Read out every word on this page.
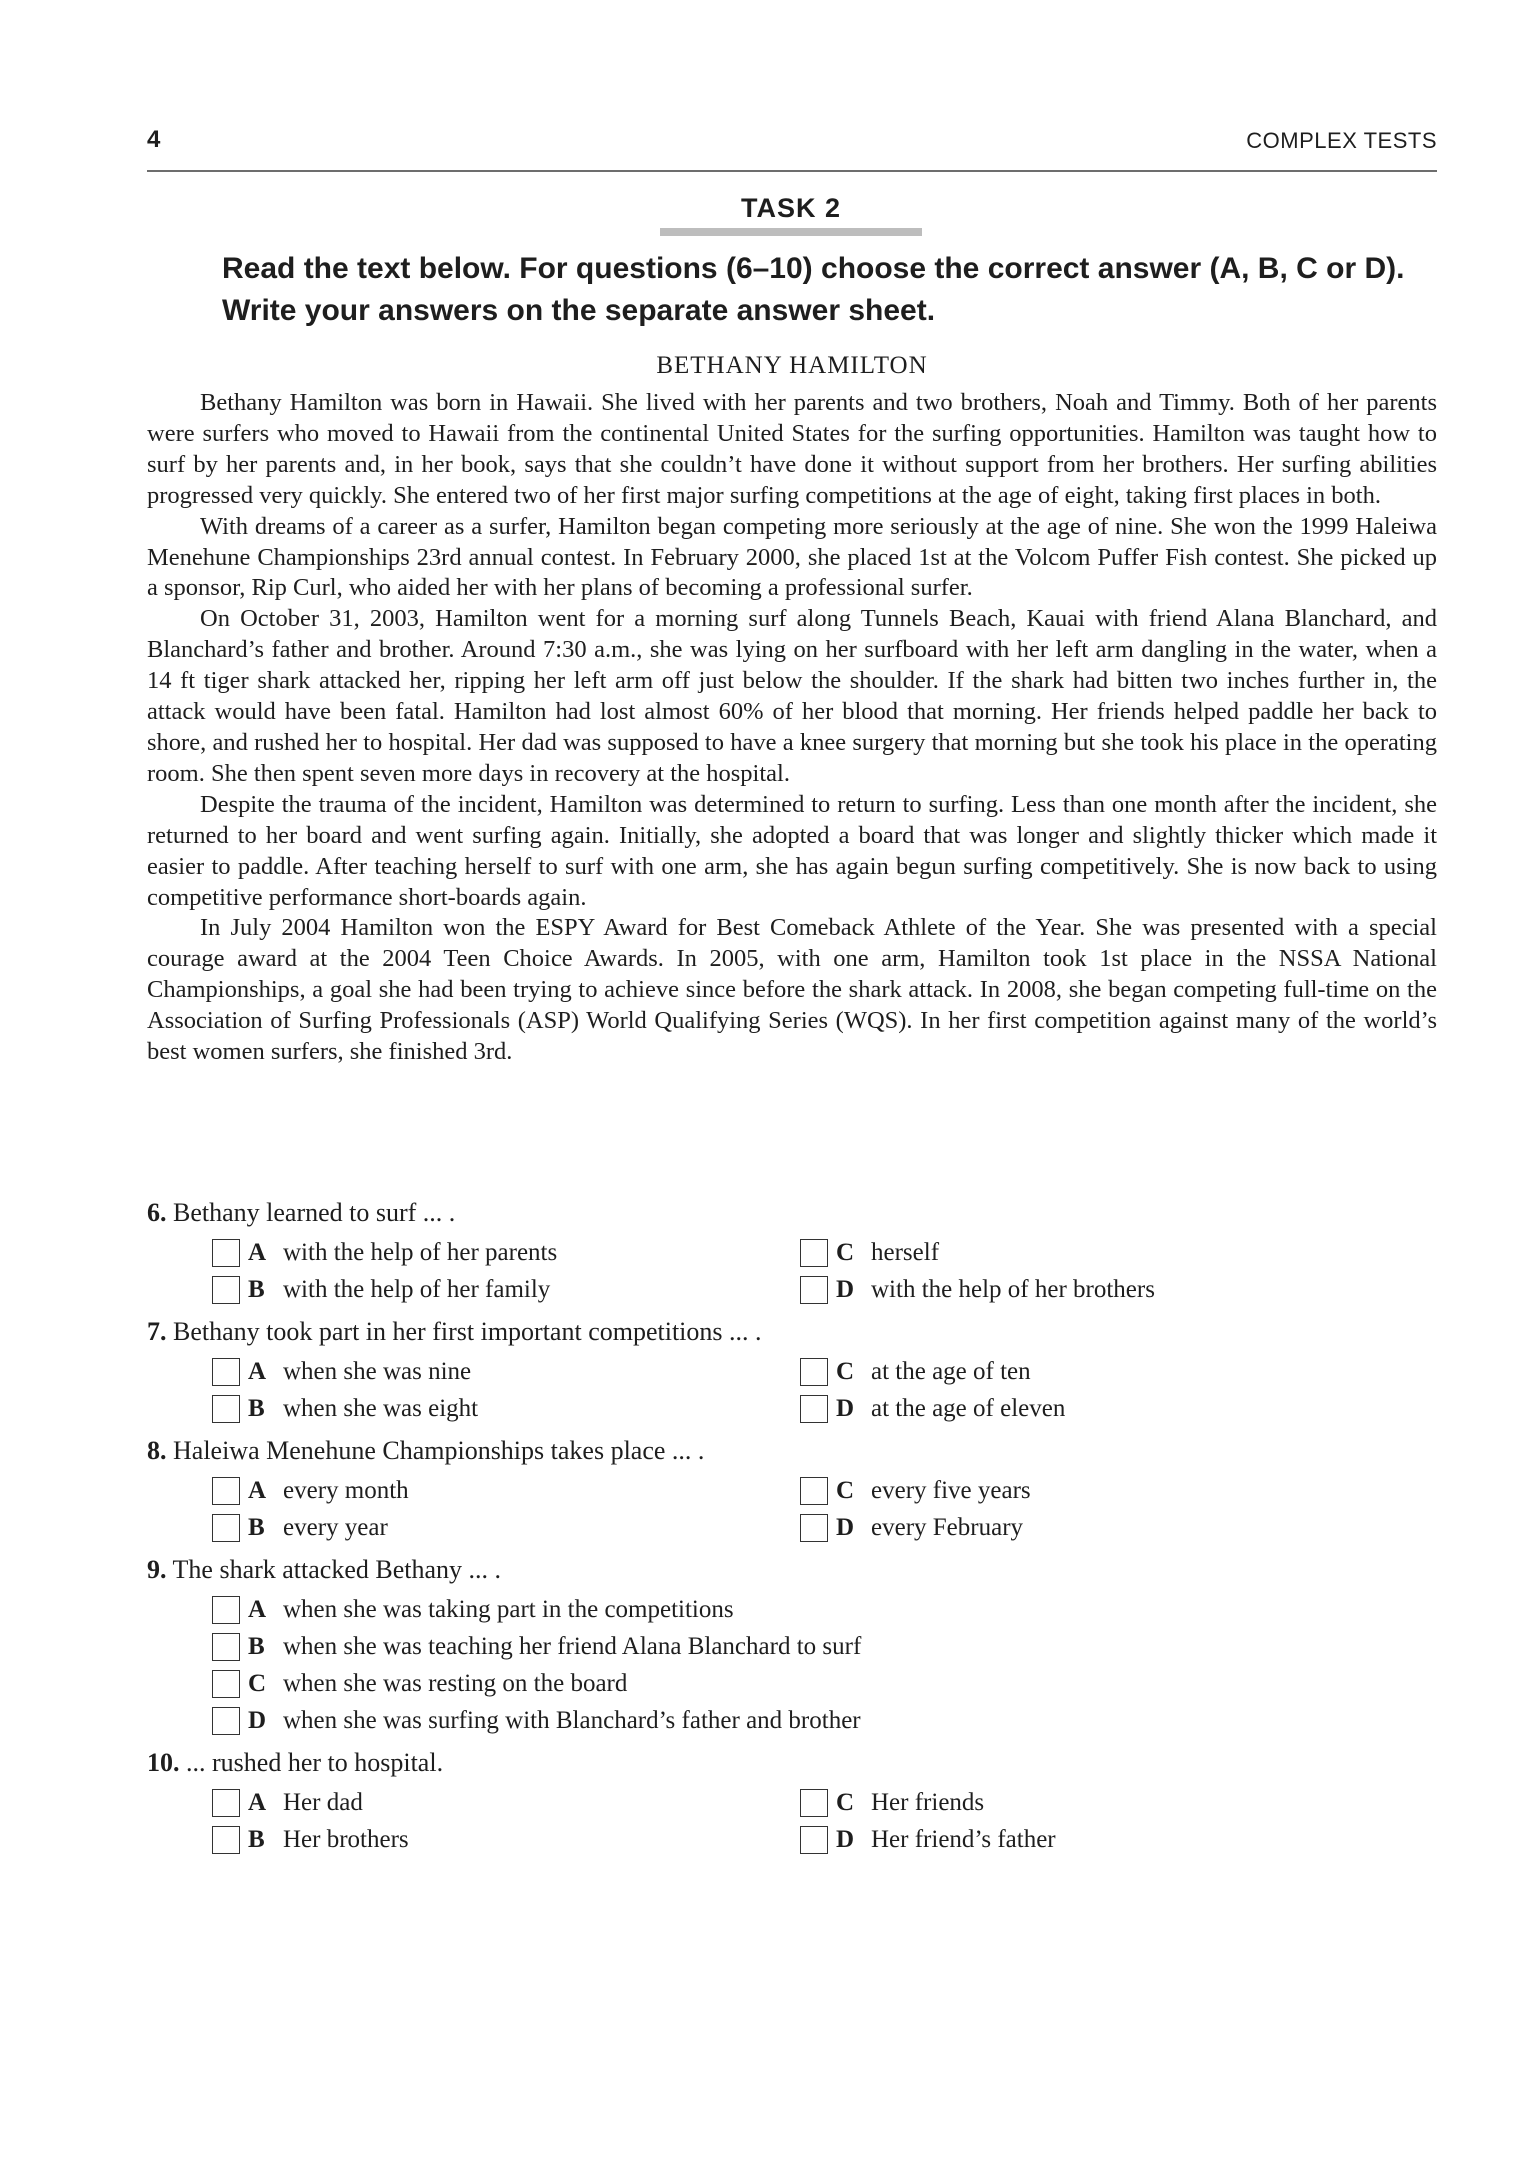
4	COMPLEX TESTS
TASK 2

Read the text below. For questions (6–10) choose the correct answer (A, B, C or D). Write your answers on the separate answer sheet.

BETHANY HAMILTON

Bethany Hamilton was born in Hawaii. She lived with her parents and two brothers, Noah and Timmy. Both of her parents were surfers who moved to Hawaii from the continental United States for the surfing opportunities. Hamilton was taught how to surf by her parents and, in her book, says that she couldn’t have done it without support from her brothers. Her surfing abilities progressed very quickly. She entered two of her first major surfing competitions at the age of eight, taking first places in both.

With dreams of a career as a surfer, Hamilton began competing more seriously at the age of nine. She won the 1999 Haleiwa Menehune Championships 23rd annual contest. In February 2000, she placed 1st at the Volcom Puffer Fish contest. She picked up a sponsor, Rip Curl, who aided her with her plans of becoming a professional surfer.

On October 31, 2003, Hamilton went for a morning surf along Tunnels Beach, Kauai with friend Alana Blanchard, and Blanchard’s father and brother. Around 7:30 a.m., she was lying on her surfboard with her left arm dangling in the water, when a 14 ft tiger shark attacked her, ripping her left arm off just below the shoulder. If the shark had bitten two inches further in, the attack would have been fatal. Hamilton had lost almost 60% of her blood that morning. Her friends helped paddle her back to shore, and rushed her to hospital. Her dad was supposed to have a knee surgery that morning but she took his place in the operating room. She then spent seven more days in recovery at the hospital.

Despite the trauma of the incident, Hamilton was determined to return to surfing. Less than one month after the incident, she returned to her board and went surfing again. Initially, she adopted a board that was longer and slightly thicker which made it easier to paddle. After teaching herself to surf with one arm, she has again begun surfing competitively. She is now back to using competitive performance short-boards again.

In July 2004 Hamilton won the ESPY Award for Best Comeback Athlete of the Year. She was presented with a special courage award at the 2004 Teen Choice Awards. In 2005, with one arm, Hamilton took 1st place in the NSSA National Championships, a goal she had been trying to achieve since before the shark attack. In 2008, she began competing full-time on the Association of Surfing Professionals (ASP) World Qualifying Series (WQS). In her first competition against many of the world’s best women surfers, she finished 3rd.

6. Bethany learned to surf ... .
A with the help of her parents	C herself
B with the help of her family	D with the help of her brothers
7. Bethany took part in her first important competitions ... .
A when she was nine	C at the age of ten
B when she was eight	D at the age of eleven
8. Haleiwa Menehune Championships takes place ... .
A every month	C every five years
B every year	D every February
9. The shark attacked Bethany ... .
A when she was taking part in the competitions
B when she was teaching her friend Alana Blanchard to surf
C when she was resting on the board
D when she was surfing with Blanchard’s father and brother
10. ... rushed her to hospital.
A Her dad	C Her friends
B Her brothers	D Her friend’s father
